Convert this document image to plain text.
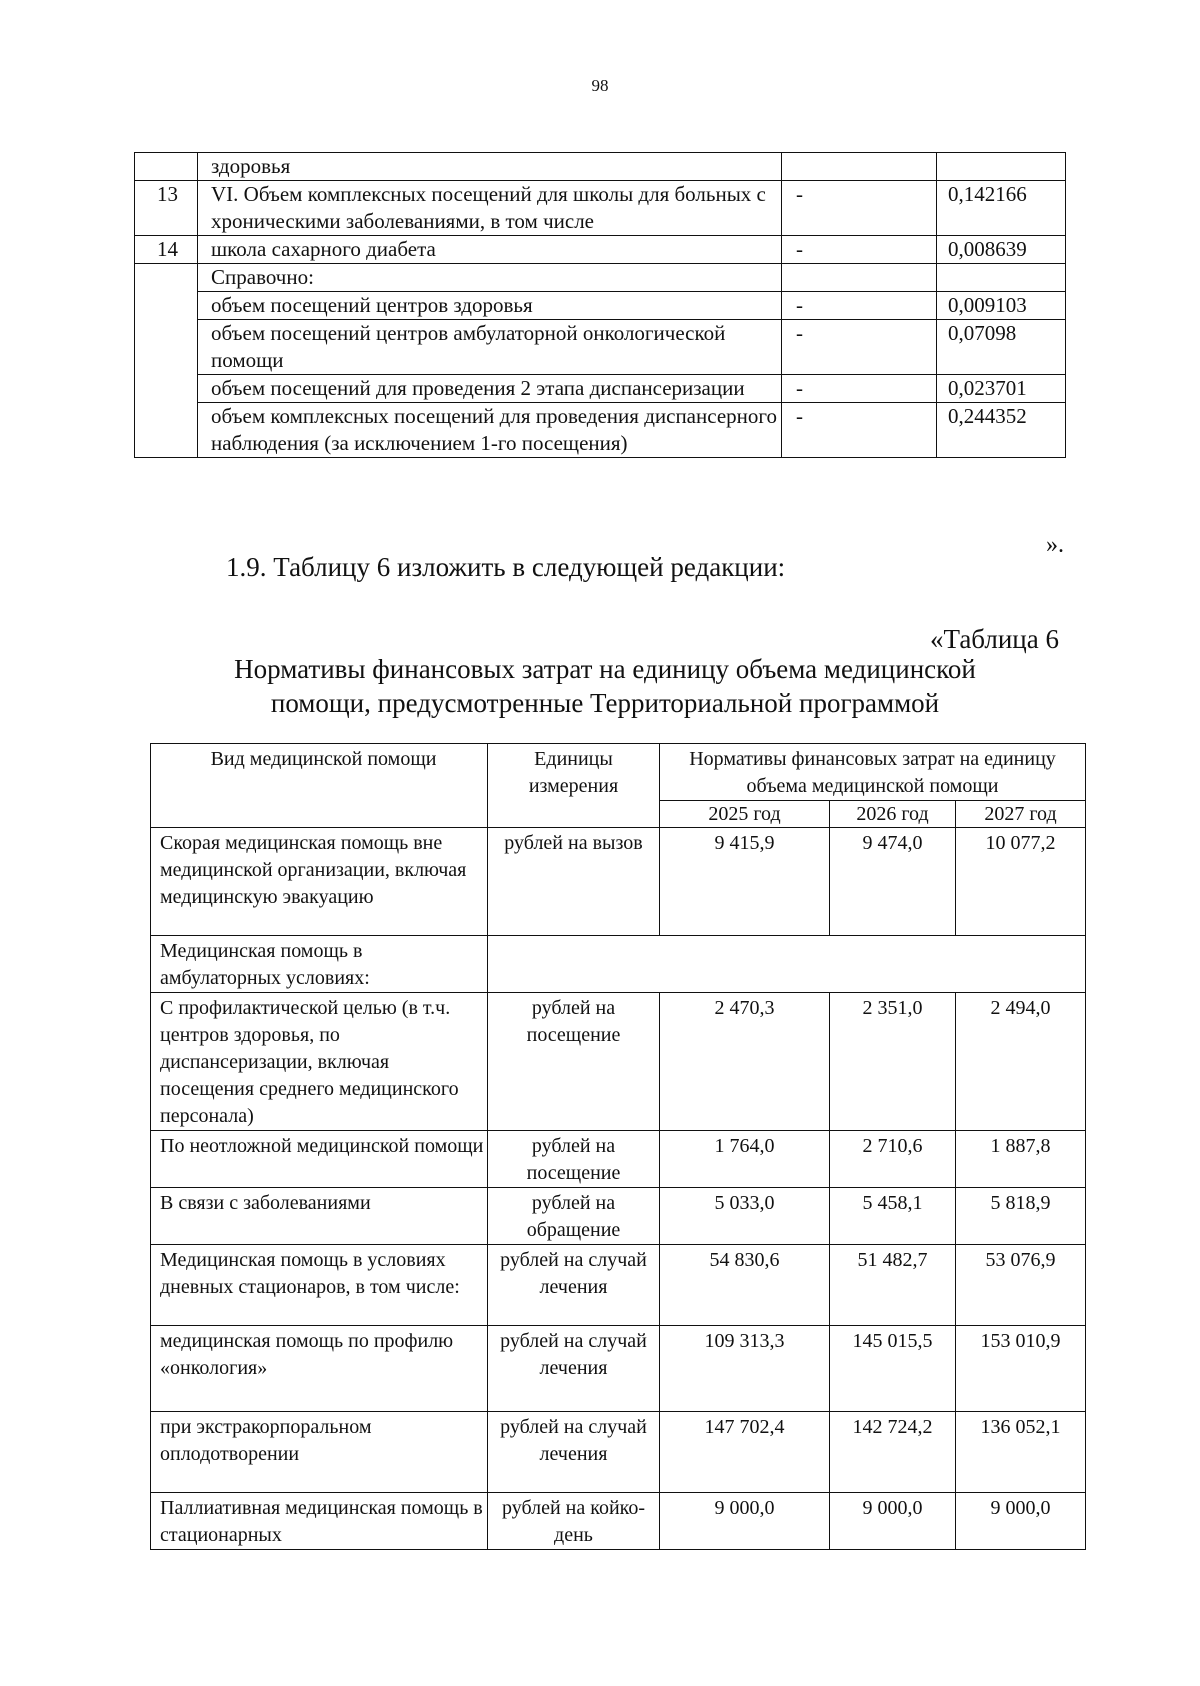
98
	здоровья		
13	VI. Объем комплексных посещений для школы для больных с хроническими заболеваниями, в том числе	-	0,142166
14	школа сахарного диабета	-	0,008639
	Справочно:		
	объем посещений центров здоровья	-	0,009103
	объем посещений центров амбулаторной онкологической помощи	-	0,07098
	объем посещений для проведения 2 этапа диспансеризации	-	0,023701
	объем комплексных посещений для проведения диспансерного наблюдения (за исключением 1-го посещения)	-	0,244352
».
1.9. Таблицу 6 изложить в следующей редакции:
«Таблица 6
Нормативы финансовых затрат на единицу объема медицинской
помощи, предусмотренные Территориальной программой
Вид медицинской помощи	Единицы измерения	Нормативы финансовых затрат на единицу объема медицинской помощи		
		2025 год	2026 год	2027 год
Скорая медицинская помощь вне медицинской организации, включая медицинскую эвакуацию	рублей на вызов	9 415,9	9 474,0	10 077,2
Медицинская помощь в амбулаторных условиях:				
С профилактической целью (в т.ч. центров здоровья, по диспансеризации, включая посещения среднего медицинского персонала)	рублей на посещение	2 470,3	2 351,0	2 494,0
По неотложной медицинской помощи	рублей на посещение	1 764,0	2 710,6	1 887,8
В связи с заболеваниями	рублей на обращение	5 033,0	5 458,1	5 818,9
Медицинская помощь в условиях дневных стационаров, в том числе:	рублей на случай лечения	54 830,6	51 482,7	53 076,9
медицинская помощь по профилю «онкология»	рублей на случай лечения	109 313,3	145 015,5	153 010,9
при экстракорпоральном оплодотворении	рублей на случай лечения	147 702,4	142 724,2	136 052,1
Паллиативная медицинская помощь в стационарных	рублей на койко-день	9 000,0	9 000,0	9 000,0
